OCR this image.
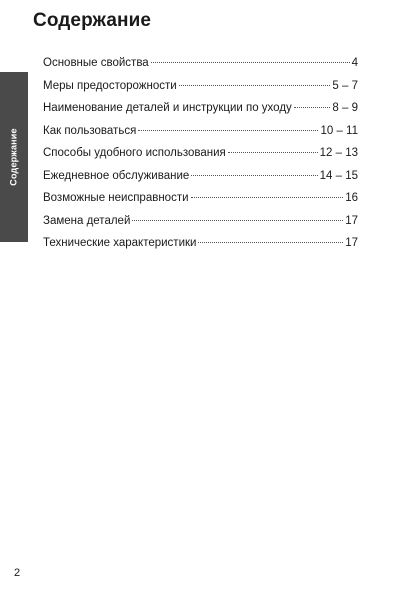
Содержание
Содержание
Основные свойства	4
Меры предосторожности	5 – 7
Наименование деталей и инструкции по уходу	8 – 9
Как пользоваться	10 – 11
Способы удобного использования	12 – 13
Ежедневное обслуживание	14 – 15
Возможные неисправности	16
Замена деталей	17
Технические характеристики	17
2
